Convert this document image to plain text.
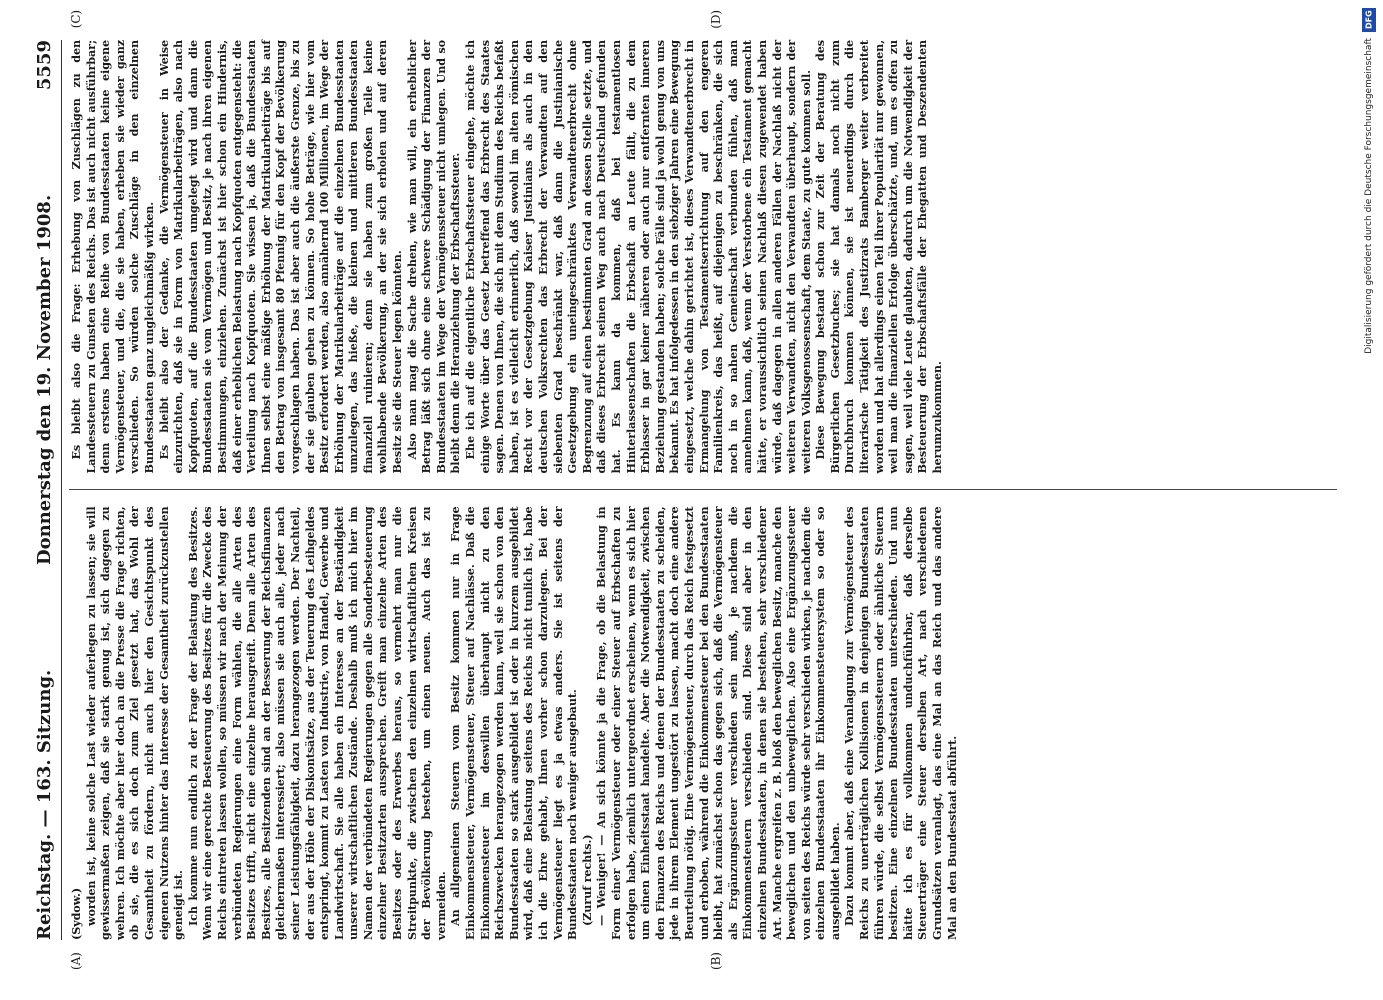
Reichstag. — 163. Sitzung.
Donnerstag den 19. November 1908.
5559
(A)	(B)

(Sydow.) worden ist, keine solche Last wieder auferlegen zu lassen; sie will gewissermaßen zeigen, daß sie stark genug ist, sich dagegen zu wehren. Ich möchte aber hier doch an die Presse die Frage richten, ob sie, die es sich doch zum Ziel gesetzt hat, das Wohl der Gesamtheit zu fördern, nicht auch hier den Gesichtspunkt des eigenen Nutzens hinter das Interesse der Gesamtheit zurückzustellen geneigt ist. Ich komme nun endlich zu der Frage der Belastung des Besitzes. Wenn wir eine gerechte Besteuerung des Besitzes für die Zwecke des Reichs eintreten lassen wollen, so müssen wir nach der Meinung der verbündeten Regierungen eine Form wählen, die alle Arten des Besitzes trifft, nicht eine einzelne herausgreift. Denn alle Arten des Besitzes, alle Besitzenden sind an der Besserung der Reichsfinanzen gleichermaßen interessiert; also müssen sie auch alle, jeder nach seiner Leistungsfähigkeit, dazu herangezogen werden. Der Nachteil, der aus der Höhe der Diskontsätze, aus der Teuerung des Leihgeldes entspringt, kommt zu Lasten von Industrie, von Handel, Gewerbe und Landwirtschaft. Sie alle haben ein Interesse an der Beständigkeit unserer wirtschaftlichen Zustände. Deshalb muß ich mich hier im Namen der verbündeten Regierungen gegen alle Sonderbesteuerung einzelner Besitzarten aussprechen. Greift man einzelne Arten des Besitzes oder des Erwerbes heraus, so vermehrt man nur die Streitpunkte, die zwischen den einzelnen wirtschaftlichen Kreisen der Bevölkerung bestehen, um einen neuen. Auch das ist zu vermeiden. An allgemeinen Steuern vom Besitz kommen nur in Frage Einkommensteuer, Vermögensteuer, Steuer auf Nachlässe. Daß die Einkommensteuer im deswillen überhaupt nicht zu den Reichszwecken herangezogen werden kann, weil sie schon von den Bundesstaaten so stark ausgebildet ist oder in kurzem ausgebildet wird, daß eine Belastung seitens des Reichs nicht tunlich ist, habe ich die Ehre gehabt, Ihnen vorher schon darzulegen. Bei der Vermögensteuer liegt es ja etwas anders. Sie ist seitens der Bundesstaaten noch weniger ausgebaut. (Zuruf rechts.) — Weniger! — An sich könnte ja die Frage, ob die Belastung in Form einer Vermögensteuer oder einer Steuer auf Erbschaften zu erfolgen habe, ziemlich untergeordnet erscheinen, wenn es sich hier um einen Einheitsstaat handelte. Aber die Notwendigkeit, zwischen den Finanzen des Reichs und denen der Bundesstaaten zu scheiden, jede in ihrem Element ungestört zu lassen, macht doch eine andere Beurteilung nötig. Eine Vermögensteuer, durch das Reich festgesetzt und erhoben, während die Einkommensteuer bei den Bundesstaaten bleibt, hat zunächst schon das gegen sich, daß die Vermögensteuer als Ergänzungssteuer verschieden sein muß, je nachdem die Einkommensteuern verschieden sind. Diese sind aber in den einzelnen Bundesstaaten, in denen sie bestehen, sehr verschiedener Art. Manche ergreifen z. B. bloß den beweglichen Besitz, manche den beweglichen und den unbeweglichen. Also eine Ergänzungssteuer von seiten des Reichs würde sehr verschieden wirken, je nachdem die einzelnen Bundesstaaten ihr Einkommensteuersystem so oder so ausgebildet haben. Dazu kommt aber, daß eine Veranlagung zur Vermögensteuer des Reichs zu unerträglichen Kollisionen in denjenigen Bundesstaaten führen würde, die selbst Vermögenssteuern oder ähnliche Steuern besitzen. Eine einzelnen Bundesstaaten unterschieden. Und nun hätte ich es für vollkommen unduchführbar, daß derselbe Steuerträger eine Steuer derselben Art, nach verschiedenen Grundsätzen veranlagt, das eine Mal an das Reich und das andere Mal an den Bundesstaat abführt.

(C)	(D)

Es bleibt also die Frage: Erhebung von Zuschlägen zu den Landessteuern zu Gunsten des Reichs. Das ist auch nicht ausführbar; denn erstens haben eine Reihe von Bundesstaaten keine eigene Vermögensteuer, und die, die sie haben, erheben sie wieder ganz verschieden. So würden solche Zuschläge in den einzelnen Bundesstaaten ganz ungleichmäßig wirken. Es bleibt also der Gedanke, die Vermögensteuer in Weise einzurichten, daß sie in Form von Matrikularbeiträgen, also nach Kopfquoten, auf die Bundesstaaten umgelegt wird und dann die Bundesstaaten sie vom Vermögen und Besitz, je nach ihren eigenen Bestimmungen, einziehen. Zunächst ist hier schon ein Hindernis, daß einer erheblichen Belastung nach Kopfquoten entgegensteht: die Verteilung nach Kopfquoten. Sie wissen ja, daß die Bundesstaaten Ihnen selbst eine mäßige Erhöhung der Matrikularbeiträge bis auf den Betrag von insgesamt 80 Pfennig für den Kopf der Bevölkerung vorgeschlagen haben. Das ist aber auch die äußerste Grenze, bis zu der sie glauben gehen zu können. So hohe Beträge, wie hier vom Besitz erfordert werden, also annähernd 100 Millionen, im Wege der Erhöhung der Matrikularbeiträge auf die einzelnen Bundesstaaten umzulegen, das hieße, die kleinen und mittleren Bundesstaaten finanziell ruinieren; denn sie haben zum großen Teile keine wohlhabende Bevölkerung, an der sie sich erholen und auf deren Besitz sie die Steuer legen könnten. Also man mag die Sache drehen, wie man will, ein erheblicher Betrag läßt sich ohne eine schwere Schädigung der Finanzen der Bundesstaaten im Wege der Vermögenssteuer nicht umlegen. Und so bleibt denn die Heranziehung der Erbschaftssteuer. Ehe ich auf die eigentliche Erbschaftssteuer eingehe, möchte ich einige Worte über das Gesetz betreffend das Erbrecht des Staates sagen. Denen von Ihnen, die sich mit dem Studium des Reichs befaßt haben, ist es vielleicht erinnerlich, daß sowohl im alten römischen Recht vor der Gesetzgebung Kaiser Justinians als auch in den deutschen Volksrechten das Erbrecht der Verwandten auf den siebenten Grad beschränkt war, daß dann die Justinianische Gesetzgebung ein uneingeschränktes Verwandtenerbrecht ohne Begrenzung auf einen bestimmten Grad an dessen Stelle setzte, und daß dieses Erbrecht seinen Weg auch nach Deutschland gefunden hat. Es kann da kommen, daß bei testamentlosen Hinterlassenschaften die Erbschaft an Leute fällt, die zu dem Erblasser in gar keiner näheren oder auch nur entfernten inneren Beziehung gestanden haben; solche Fälle sind ja wohl genug von uns bekannt. Es hat infolgedessen in den siebziger Jahren eine Bewegung eingesetzt, welche dahin gerichtet ist, dieses Verwandtenerbrecht in Ermangelung von Testamentserrichtung auf den engeren Familienkreis, das heißt, auf diejenigen zu beschränken, die sich noch in so nahen Gemeinschaft verbunden fühlen, daß man annehmen kann, daß, wenn der Verstorbene ein Testament gemacht hätte, er voraussichtlich seinen Nachlaß diesen zugewendet haben würde, daß dagegen in allen anderen Fällen der Nachlaß nicht der weiteren Verwandten, nicht den Verwandten überhaupt, sondern der weiteren Volksgenossenschaft, dem Staate, zu gute kommen soll. Diese Bewegung bestand schon zur Zeit der Beratung des Bürgerlichen Gesetzbuches; sie hat damals noch nicht zum Durchbruch kommen können, sie ist neuerdings durch die literarische Tätigkeit des Justizrats Bamberger weiter verbreitet worden und hat allerdings einen Teil ihrer Popularität nur gewonnen, weil man die finanziellen Erfolge überschätzte, und, um es offen zu sagen, weil viele Leute glaubten, dadurch um die Notwendigkeit der Besteuerung der Erbschaftsfälle der Ehegatten und Deszendenten herumzukommen.

DFG
Digitalisierung gefördert durch die Deutsche Forschungsgemeinschaft
